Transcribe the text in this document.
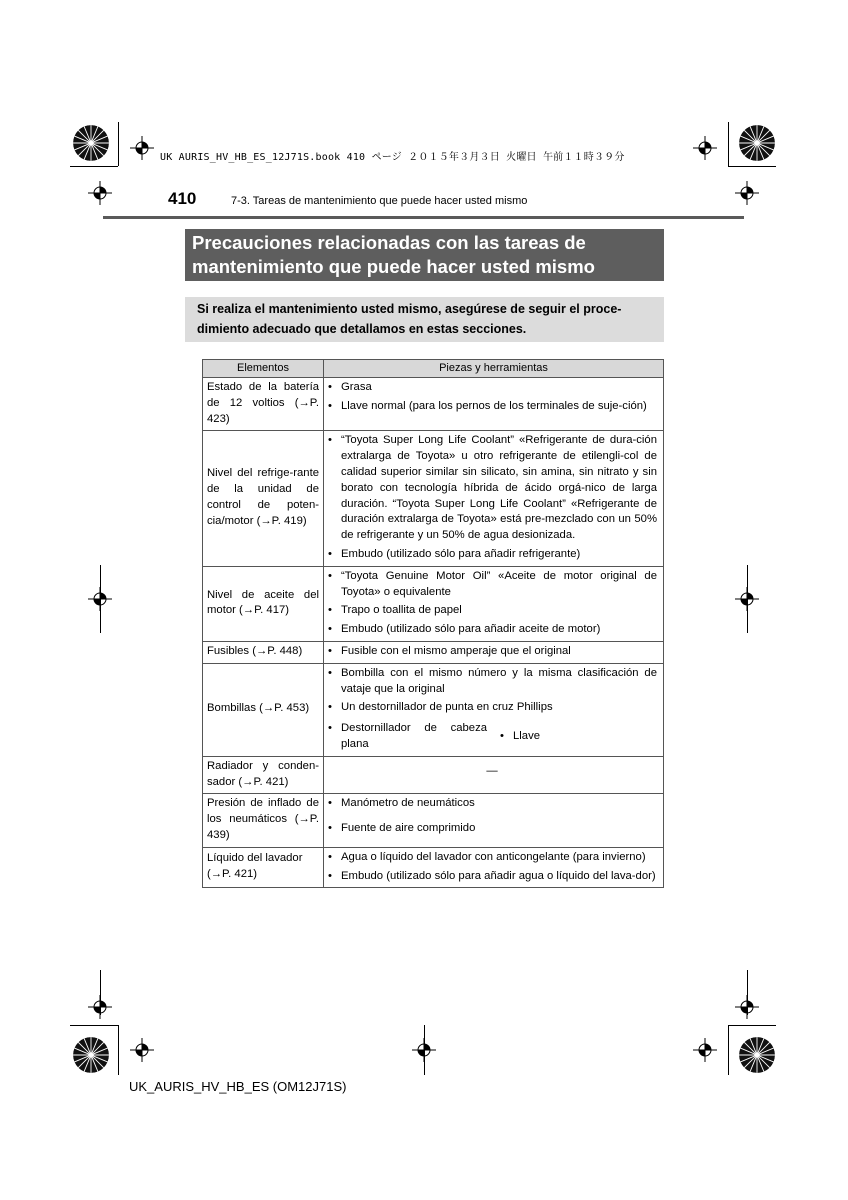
UK AURIS_HV_HB_ES_12J71S.book 410 ページ ２０１５年３月３日 火曜日 午前１１時３９分
410	7-3. Tareas de mantenimiento que puede hacer usted mismo
Precauciones relacionadas con las tareas de
mantenimiento que puede hacer usted mismo
Si realiza el mantenimiento usted mismo, asegúrese de seguir el proce-
dimiento adecuado que detallamos en estas secciones.
Elementos	Piezas y herramientas

Estado de la batería de 12 voltios (→P. 423)	• Grasa
• Llave normal (para los pernos de los terminales de suje-ción)

Nivel del refrige-rante de la unidad de control de poten-cia/motor (→P. 419)	• “Toyota Super Long Life Coolant” «Refrigerante de dura-ción extralarga de Toyota» u otro refrigerante de etilengli-col de calidad superior similar sin silicato, sin amina, sin nitrato y sin borato con tecnología híbrida de ácido orgá-nico de larga duración. “Toyota Super Long Life Coolant” «Refrigerante de duración extralarga de Toyota» está pre-mezclado con un 50% de refrigerante y un 50% de agua desionizada.
• Embudo (utilizado sólo para añadir refrigerante)

Nivel de aceite del motor (→P. 417)	• “Toyota Genuine Motor Oil” «Aceite de motor original de Toyota» o equivalente
• Trapo o toallita de papel
• Embudo (utilizado sólo para añadir aceite de motor)

Fusibles (→P. 448)	• Fusible con el mismo amperaje que el original

Bombillas (→P. 453)	• Bombilla con el mismo número y la misma clasificación de vataje que la original
• Un destornillador de punta en cruz Phillips
• Destornillador de cabeza plana
• Llave

Radiador y conden-sador (→P. 421)	—

Presión de inflado de los neumáticos (→P. 439)	• Manómetro de neumáticos
• Fuente de aire comprimido

Líquido del lavador (→P. 421)	• Agua o líquido del lavador con anticongelante (para invierno)
• Embudo (utilizado sólo para añadir agua o líquido del lava-dor)
UK_AURIS_HV_HB_ES (OM12J71S)
